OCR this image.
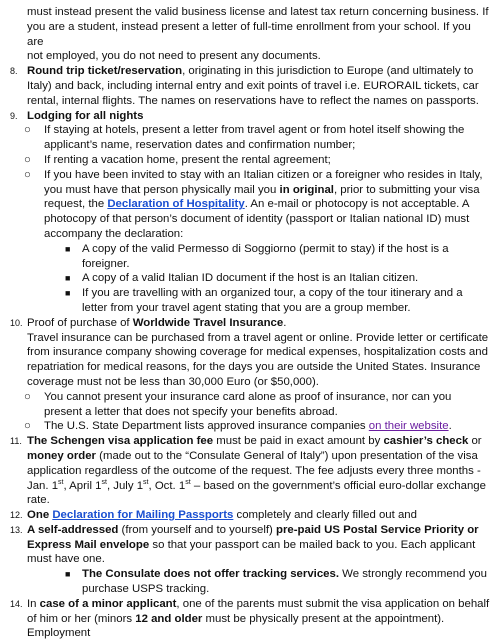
must instead present the valid business license and latest tax return concerning business. If
you are a student, instead present a letter of full-time enrollment from your school. If you are
not employed, you do not need to present any documents.
8. Round trip ticket/reservation, originating in this jurisdiction to Europe (and ultimately to Italy) and back, including internal entry and exit points of travel i.e. EURORAIL tickets, car rental, internal flights. The names on reservations have to reflect the names on passports.
9. Lodging for all nights
○ If staying at hotels, present a letter from travel agent or from hotel itself showing the applicant’s name, reservation dates and confirmation number;
○ If renting a vacation home, present the rental agreement;
○ If you have been invited to stay with an Italian citizen or a foreigner who resides in Italy, you must have that person physically mail you in original, prior to submitting your visa request, the Declaration of Hospitality. An e-mail or photocopy is not acceptable. A photocopy of that person’s document of identity (passport or Italian national ID) must accompany the declaration:
■ A copy of the valid Permesso di Soggiorno (permit to stay) if the host is a foreigner.
■ A copy of a valid Italian ID document if the host is an Italian citizen.
■ If you are travelling with an organized tour, a copy of the tour itinerary and a letter from your travel agent stating that you are a group member.
10. Proof of purchase of Worldwide Travel Insurance.
Travel insurance can be purchased from a travel agent or online. Provide letter or certificate from insurance company showing coverage for medical expenses, hospitalization costs and repatriation for medical reasons, for the days you are outside the United States. Insurance coverage must not be less than 30,000 Euro (or $50,000).
○ You cannot present your insurance card alone as proof of insurance, nor can you present a letter that does not specify your benefits abroad.
○ The U.S. State Department lists approved insurance companies on their website.
11. The Schengen visa application fee must be paid in exact amount by cashier’s check or money order (made out to the “Consulate General of Italy”) upon presentation of the visa application regardless of the outcome of the request. The fee adjusts every three months - Jan. 1st, April 1st, July 1st, Oct. 1st – based on the government’s official euro-dollar exchange rate.
12. One Declaration for Mailing Passports completely and clearly filled out and
13. A self-addressed (from yourself and to yourself) pre-paid US Postal Service Priority or Express Mail envelope so that your passport can be mailed back to you. Each applicant must have one.
■ The Consulate does not offer tracking services. We strongly recommend you purchase USPS tracking.
14. In case of a minor applicant, one of the parents must submit the visa application on behalf of him or her (minors 12 and older must be physically present at the appointment). Employment
